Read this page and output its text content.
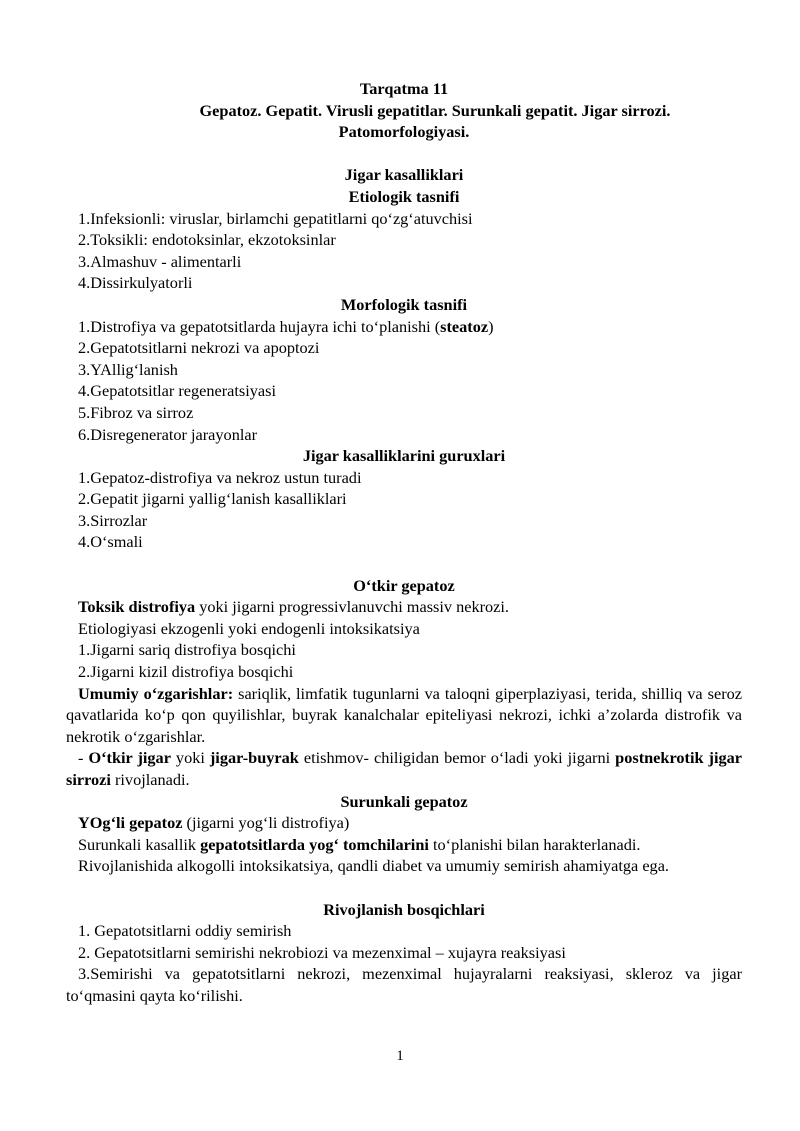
Tarqatma 11
Gepatoz. Gepatit. Virusli gepatitlar. Surunkali gepatit. Jigar sirrozi.
Patomorfologiyasi.
Jigar kasalliklari
Etiologik tasnifi
1.Infeksionli: viruslar, birlamchi gepatitlarni qo‘zg‘atuvchisi
2.Toksikli: endotoksinlar, ekzotoksinlar
3.Almashuv - alimentarli
4.Dissirkulyatorli
Morfologik tasnifi
1.Distrofiya va gepatotsitlarda hujayra ichi to‘planishi (steatoz)
2.Gepatotsitlarni nekrozi va apoptozi
3.YAllig‘lanish
4.Gepatotsitlar regeneratsiyasi
5.Fibroz va sirroz
6.Disregenerator jarayonlar
Jigar kasalliklarini guruxlari
1.Gepatoz-distrofiya va nekroz ustun turadi
2.Gepatit jigarni yallig‘lanish kasalliklari
3.Sirrozlar
4.O‘smali
O‘tkir gepatoz
Toksik distrofiya yoki jigarni progressivlanuvchi massiv nekrozi.
Etiologiyasi ekzogenli yoki endogenli intoksikatsiya
1.Jigarni sariq distrofiya bosqichi
2.Jigarni kizil distrofiya bosqichi
Umumiy o‘zgarishlar: sariqlik, limfatik tugunlarni va taloqni giperplaziyasi, terida, shilliq va seroz qavatlarida ko‘p qon quyilishlar, buyrak kanalchalar epiteliyasi nekrozi, ichki a’zolarda distrofik va nekrotik o‘zgarishlar.
- O‘tkir jigar yoki jigar-buyrak etishmov- chiligidan bemor o‘ladi yoki jigarni postnekrotik jigar sirrozi rivojlanadi.
Surunkali gepatoz
YOg‘li gepatoz (jigarni yog‘li distrofiya)
Surunkali kasallik gepatotsitlarda yog‘ tomchilarini to‘planishi bilan harakterlanadi.
Rivojlanishida alkogolli intoksikatsiya, qandli diabet va umumiy semirish ahamiyatga ega.
Rivojlanish bosqichlari
1. Gepatotsitlarni oddiy semirish
2. Gepatotsitlarni semirishi nekrobiozi va mezenximal – xujayra reaksiyasi
3.Semirishi va gepatotsitlarni nekrozi, mezenximal hujayralarni reaksiyasi, skleroz va jigar to‘qmasini qayta ko‘rilishi.
1
